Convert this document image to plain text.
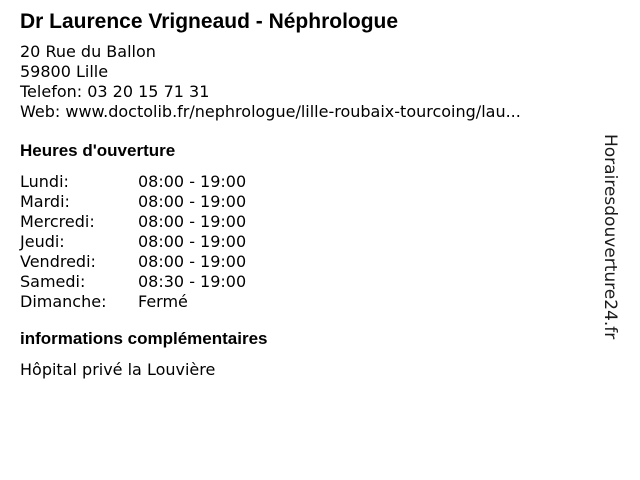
Dr Laurence Vrigneaud - Néphrologue
20 Rue du Ballon
59800 Lille
Telefon: 03 20 15 71 31
Web: www.doctolib.fr/nephrologue/lille-roubaix-tourcoing/lau...
Heures d'ouverture
Lundi:	08:00 - 19:00
Mardi:	08:00 - 19:00
Mercredi:	08:00 - 19:00
Jeudi:	08:00 - 19:00
Vendredi:	08:00 - 19:00
Samedi:	08:30 - 19:00
Dimanche:	Fermé
informations complémentaires
Hôpital privé la Louvière
Horairesdouverture24.fr
